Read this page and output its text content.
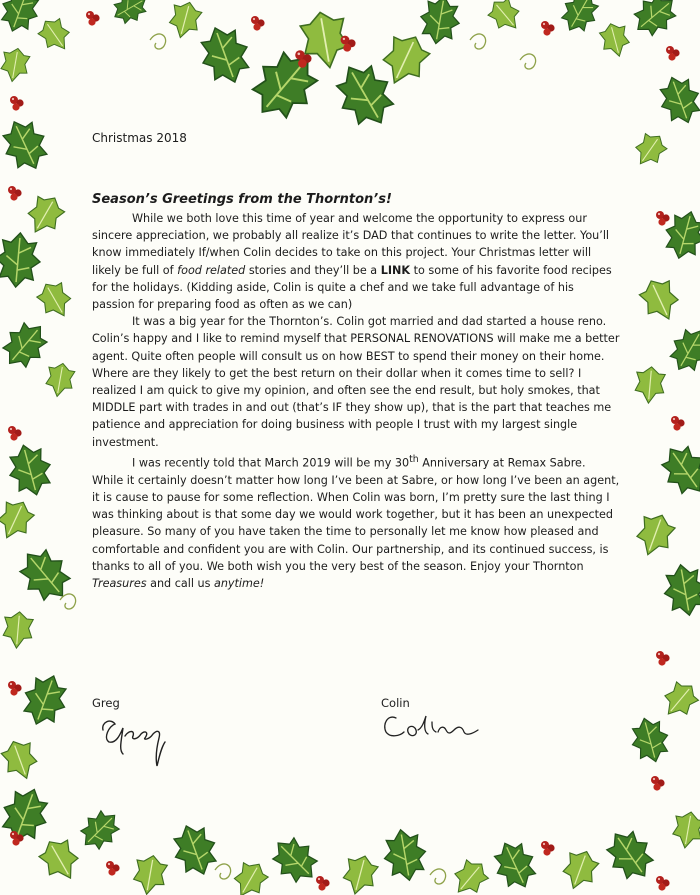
Christmas 2018
Season’s Greetings from the Thornton’s!

While we both love this time of year and welcome the opportunity to express our sincere appreciation, we probably all realize it’s DAD that continues to write the letter. You’ll know immediately If/when Colin decides to take on this project. Your Christmas letter will likely be full of food related stories and they’ll be a LINK to some of his favorite food recipes for the holidays. (Kidding aside, Colin is quite a chef and we take full advantage of his passion for preparing food as often as we can)

It was a big year for the Thornton’s. Colin got married and dad started a house reno. Colin’s happy and I like to remind myself that PERSONAL RENOVATIONS will make me a better agent. Quite often people will consult us on how BEST to spend their money on their home. Where are they likely to get the best return on their dollar when it comes time to sell? I realized I am quick to give my opinion, and often see the end result, but holy smokes, that MIDDLE part with trades in and out (that’s IF they show up), that is the part that teaches me patience and appreciation for doing business with people I trust with my largest single investment.

I was recently told that March 2019 will be my 30th Anniversary at Remax Sabre. While it certainly doesn’t matter how long I’ve been at Sabre, or how long I’ve been an agent, it is cause to pause for some reflection. When Colin was born, I’m pretty sure the last thing I was thinking about is that some day we would work together, but it has been an unexpected pleasure. So many of you have taken the time to personally let me know how pleased and comfortable and confident you are with Colin. Our partnership, and its continued success, is thanks to all of you. We both wish you the very best of the season. Enjoy your Thornton Treasures and call us anytime!

Greg	Colin
